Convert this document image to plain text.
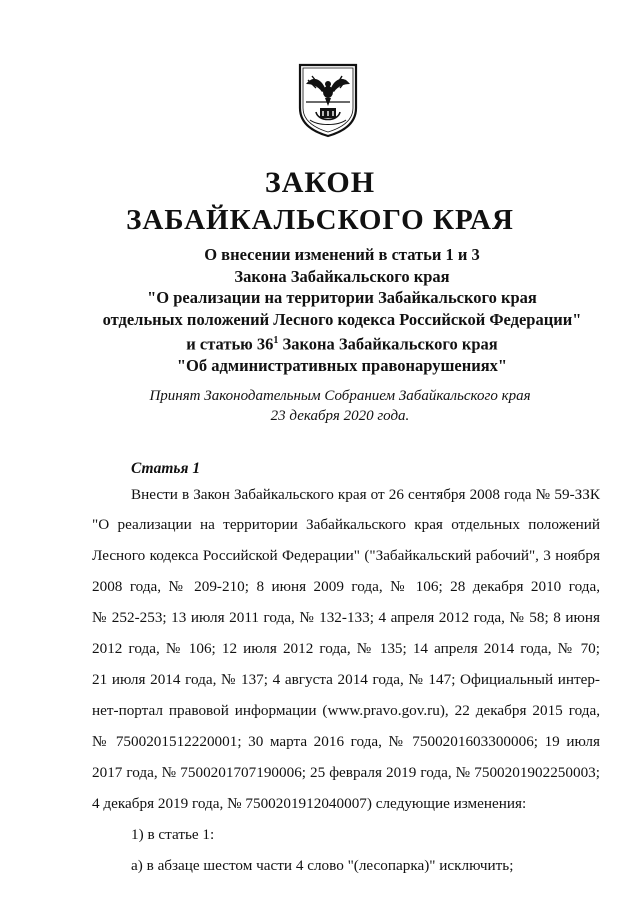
ЗАКОН
ЗАБАЙКАЛЬСКОГО КРАЯ
О внесении изменений в статьи 1 и 3
Закона Забайкальского края
"О реализации на территории Забайкальского края
отдельных положений Лесного кодекса Российской Федерации"
и статью $36^1$ Закона Забайкальского края
"Об административных правонарушениях"
Принят Законодательным Собранием Забайкальского края
23 декабря 2020 года.
Статья 1
Внести в Закон Забайкальского края от 26 сентября 2008 года № 59-ЗЗК
"О реализации на территории Забайкальского края отдельных положений
Лесного кодекса Российской Федерации" ("Забайкальский рабочий", 3 ноября
2008 года, № 209-210; 8 июня 2009 года, № 106; 28 декабря 2010 года,
№ 252-253; 13 июля 2011 года, № 132-133; 4 апреля 2012 года, № 58; 8 июня
2012 года, № 106; 12 июля 2012 года, № 135; 14 апреля 2014 года, № 70;
21 июля 2014 года, № 137; 4 августа 2014 года, № 147; Официальный интер-
нет-портал правовой информации (www.pravo.gov.ru), 22 декабря 2015 года,
№ 7500201512220001; 30 марта 2016 года, № 7500201603300006; 19 июля
2017 года, № 7500201707190006; 25 февраля 2019 года, № 7500201902250003;
4 декабря 2019 года, № 7500201912040007) следующие изменения:
1) в статье 1:
а) в абзаце шестом части 4 слово "(лесопарка)" исключить;
